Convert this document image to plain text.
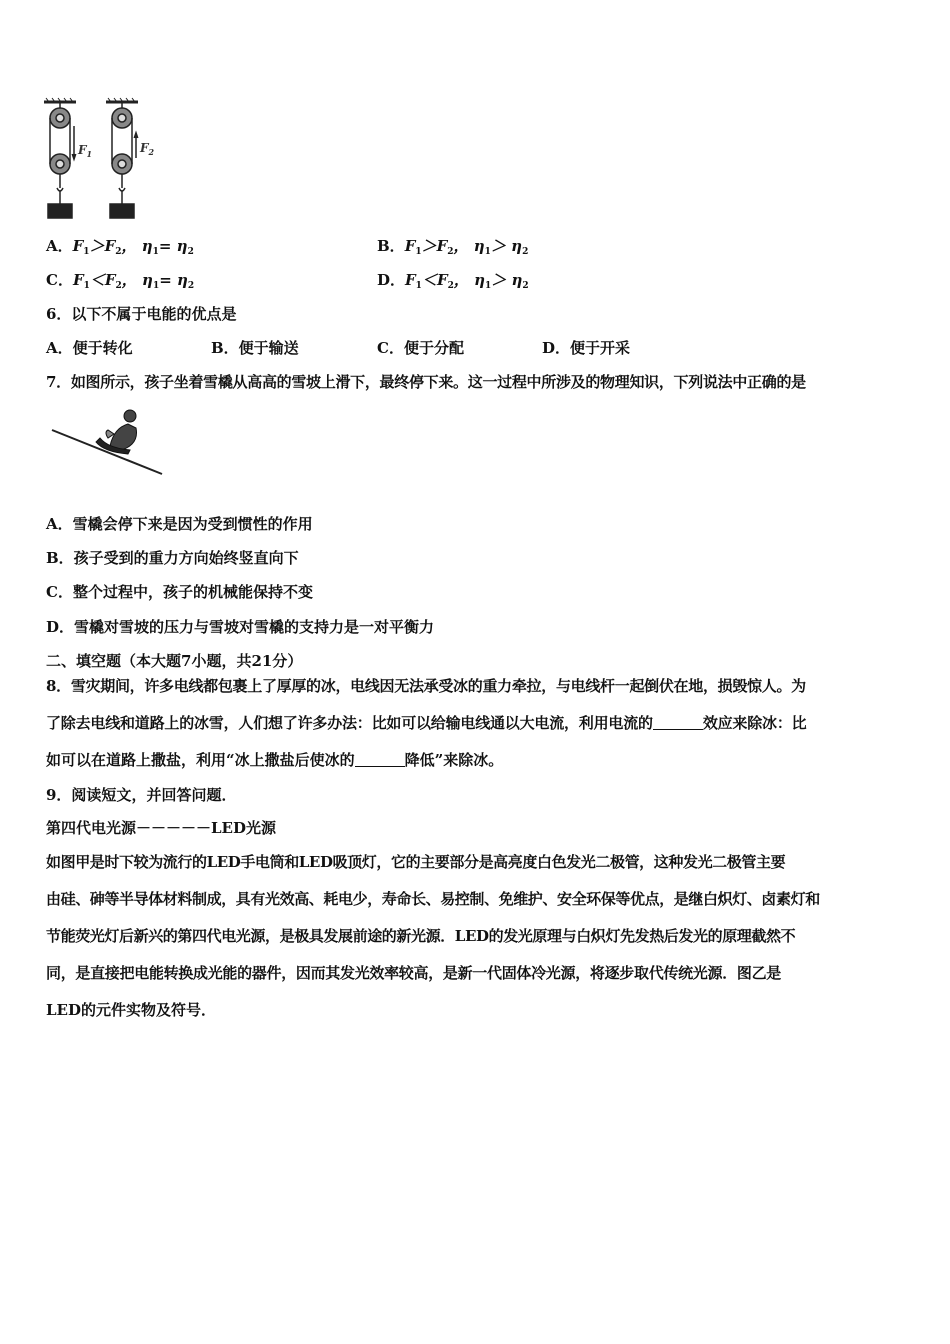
$F_1$	$F_2$
A．$F_1>F_2$， $\eta_1= \eta_2$	B．$F_1>F_2$， $\eta_1> \eta_2$
C．$F_1<F_2$， $\eta_1= \eta_2$	D．$F_1<F_2$， $\eta_1> \eta_2$
6．以下不属于电能的优点是
A．便于转化	B．便于输送	C．便于分配	D．便于开采
7．如图所示，孩子坐着雪橇从高高的雪坡上滑下，最终停下来。这一过程中所涉及的物理知识，下列说法中正确的是
A．雪橇会停下来是因为受到惯性的作用
B．孩子受到的重力方向始终竖直向下
C．整个过程中，孩子的机械能保持不变
D．雪橇对雪坡的压力与雪坡对雪橇的支持力是一对平衡力
二、填空题（本大题7小题，共21分）
8．雪灾期间，许多电线都包裹上了厚厚的冰，电线因无法承受冰的重力牵拉，与电线杆一起倒伏在地，损毁惊人。为
了除去电线和道路上的冰雪，人们想了许多办法：比如可以给输电线通以大电流，利用电流的	效应来除冰：比
如可以在道路上撒盐，利用“冰上撒盐后使冰的	降低”来除冰。
9．阅读短文，并回答问题．
第四代电光源－－－－－LED光源
如图甲是时下较为流行的LED手电筒和LED吸顶灯，它的主要部分是高亮度白色发光二极管，这种发光二极管主要
由硅、砷等半导体材料制成，具有光效高、耗电少，寿命长、易控制、免维护、安全环保等优点，是继白炽灯、卤素灯和
节能荧光灯后新兴的第四代电光源，是极具发展前途的新光源．LED的发光原理与白炽灯先发热后发光的原理截然不
同，是直接把电能转换成光能的器件，因而其发光效率较高，是新一代固体冷光源，将逐步取代传统光源．图乙是
LED的元件实物及符号．
